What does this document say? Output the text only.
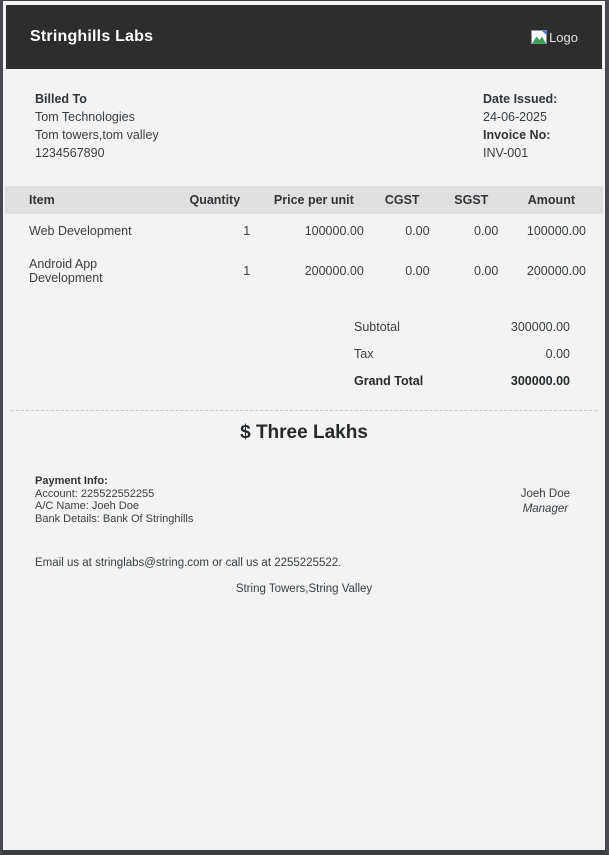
Stringhills Labs	Logo
Billed To
Tom Technologies
Tom towers,tom valley
1234567890
Date Issued:
24-06-2025
Invoice No:
INV-001
Item	Quantity	Price per unit	CGST	SGST	Amount
Web Development	1	100000.00	0.00	0.00	100000.00
Android App Development	1	200000.00	0.00	0.00	200000.00
Subtotal	300000.00
Tax	0.00
Grand Total	300000.00
$ Three Lakhs
Payment Info:
Account: 225522552255
A/C Name: Joeh Doe
Bank Details: Bank Of Stringhills
Joeh Doe
Manager
Email us at stringlabs@string.com or call us at 2255225522.
String Towers,String Valley
